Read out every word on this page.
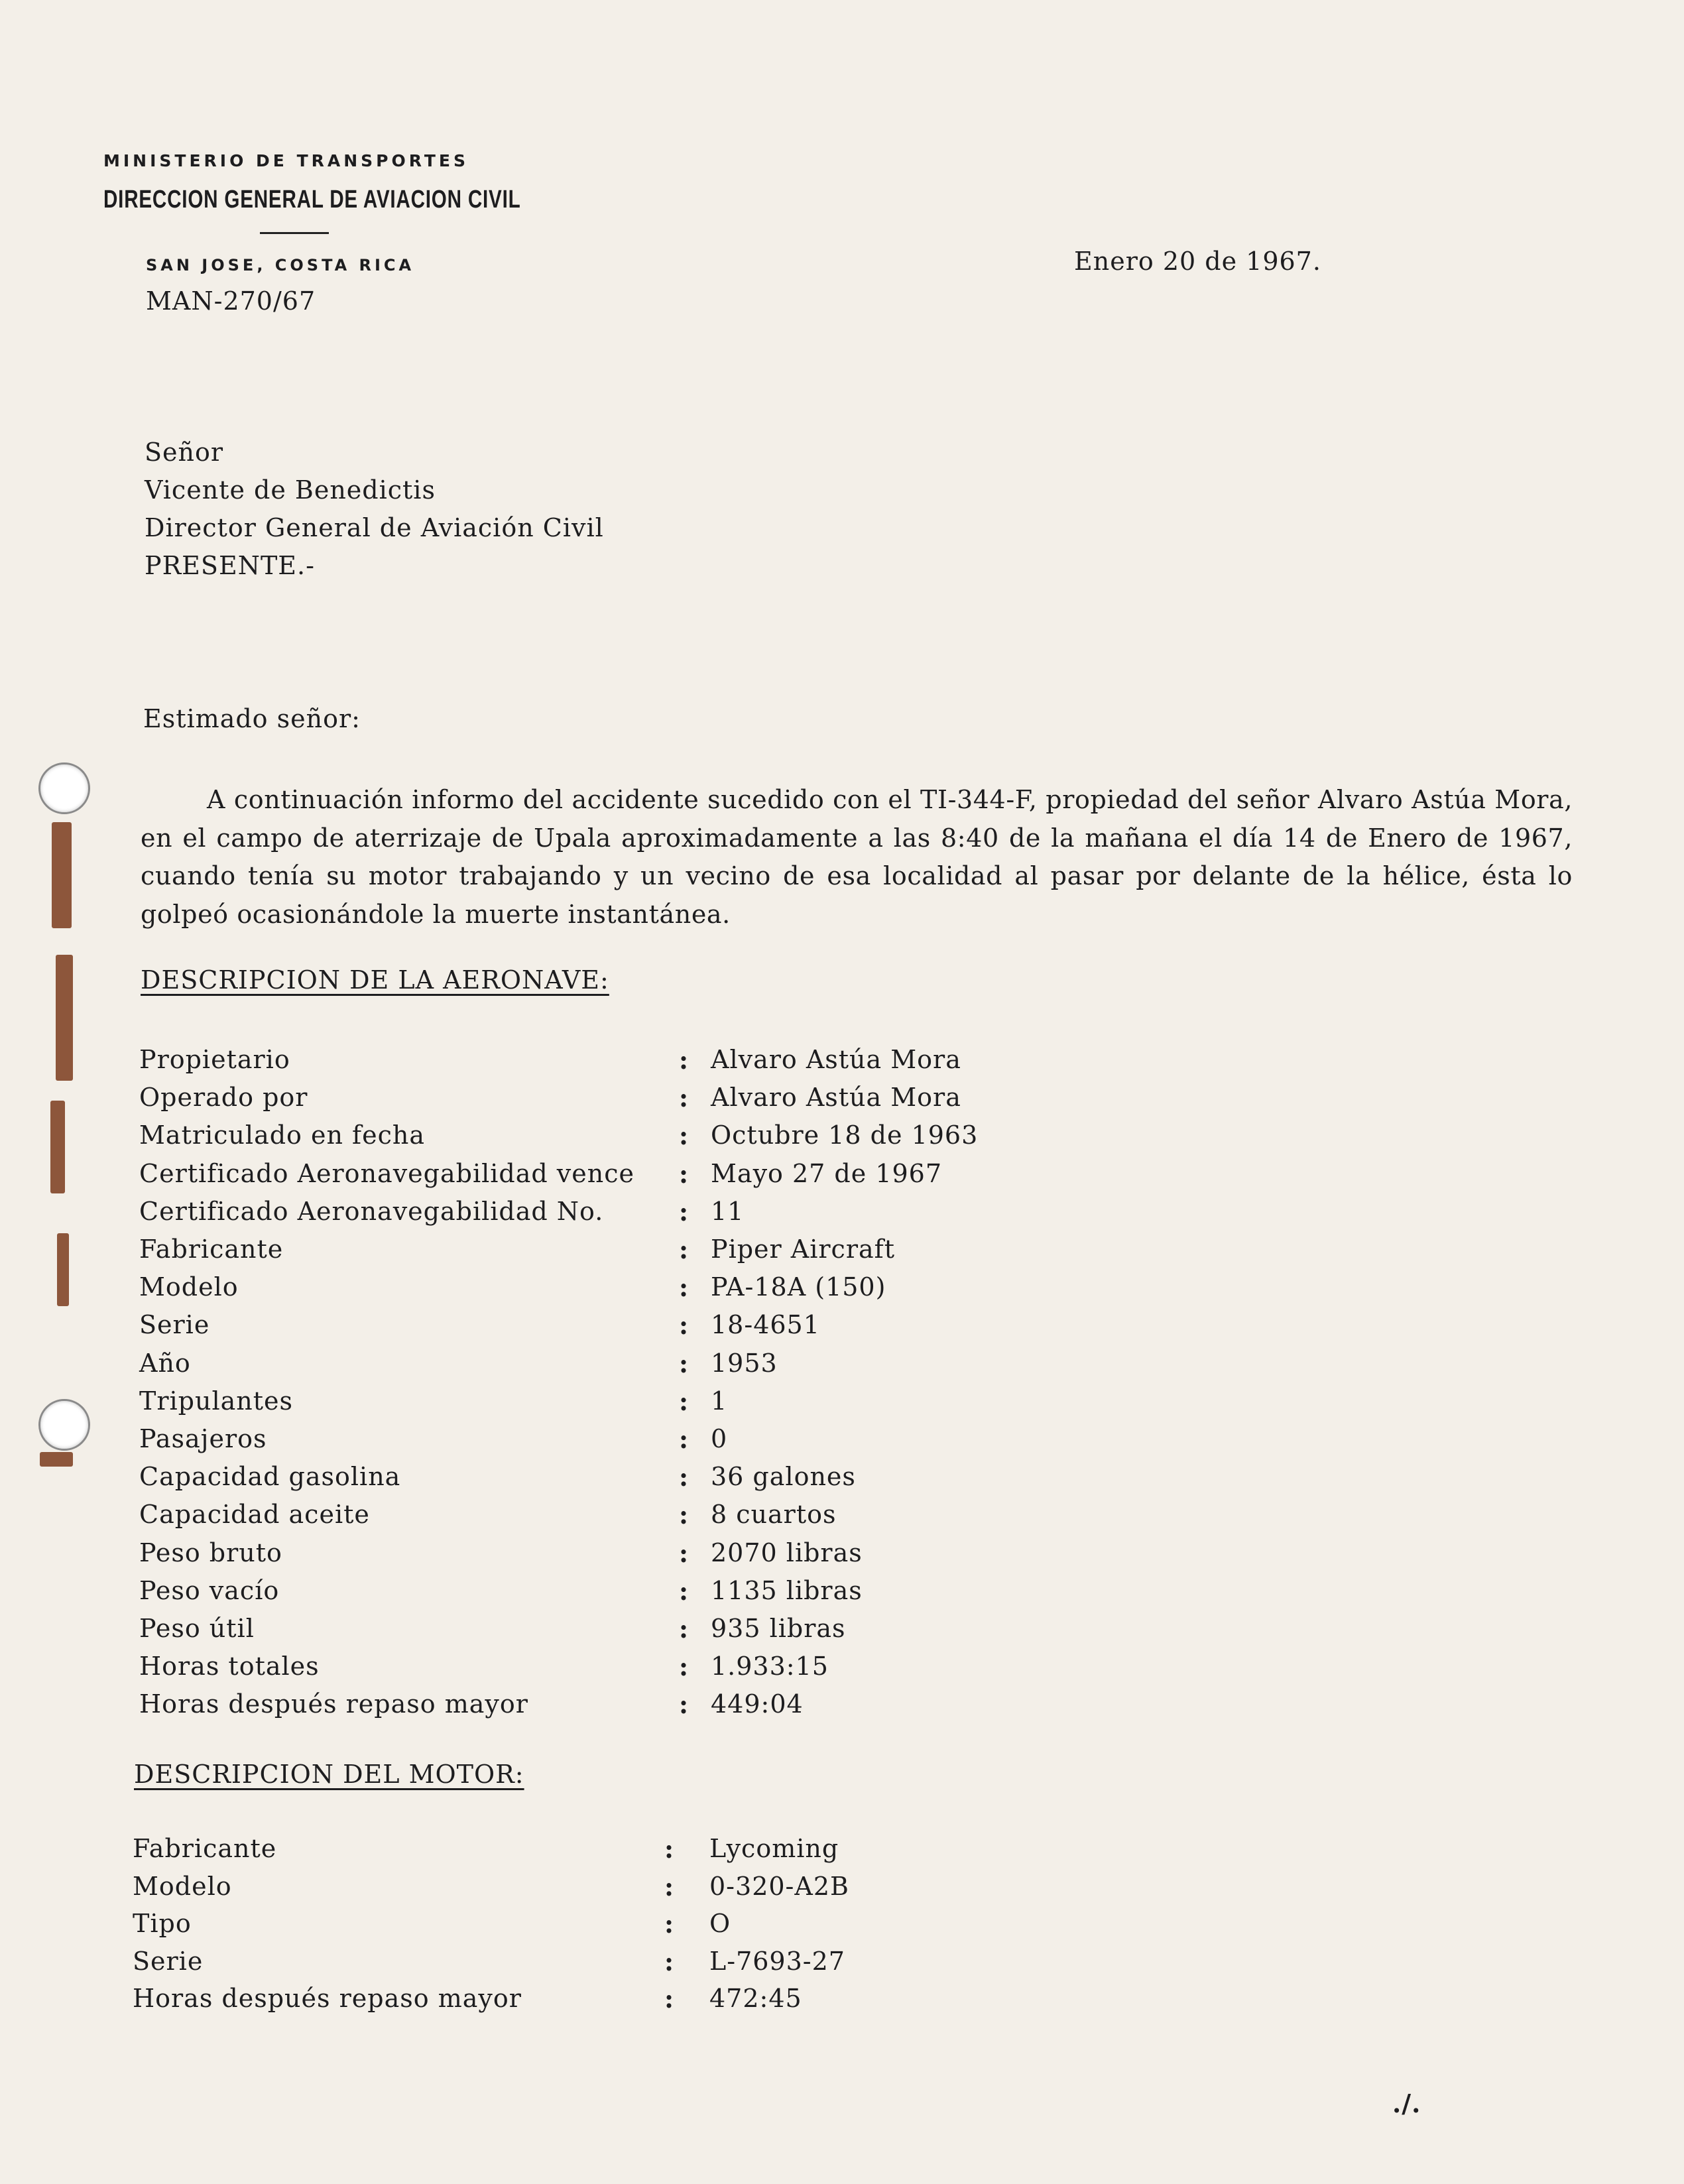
MINISTERIO DE TRANSPORTES
DIRECCION GENERAL DE AVIACION CIVIL
SAN JOSE, COSTA RICA
MAN-270/67
Enero 20 de 1967.
Señor
Vicente de Benedictis
Director General de Aviación Civil
PRESENTE.-
Estimado señor:
A continuación informo del accidente sucedido con el TI-344-F, propiedad del señor Alvaro Astúa Mora, en el campo de aterrizaje de Upala aproximadamente a las 8:40 de la mañana el día 14 de Enero de 1967, cuando tenía su motor trabajando y un vecino de esa localidad al pasar por delante de la hélice, ésta lo golpeó ocasionándole la muerte instantánea.
DESCRIPCION DE LA AERONAVE:
Propietario	: Alvaro Astúa Mora
Operado por	: Alvaro Astúa Mora
Matriculado en fecha	: Octubre 18 de 1963
Certificado Aeronavegabilidad vence : Mayo 27 de 1967
Certificado Aeronavegabilidad No.	: 11
Fabricante	: Piper Aircraft
Modelo	: PA-18A (150)
Serie	: 18-4651
Año	: 1953
Tripulantes	: 1
Pasajeros	: 0
Capacidad gasolina	: 36 galones
Capacidad aceite	: 8 cuartos
Peso bruto	: 2070 libras
Peso vacío	: 1135 libras
Peso útil	: 935 libras
Horas totales	: 1.933:15
Horas después repaso mayor	: 449:04
DESCRIPCION DEL MOTOR:
Fabricante	: Lycoming
Modelo	: 0-320-A2B
Tipo	: O
Serie	: L-7693-27
Horas después repaso mayor	: 472:45
./.
